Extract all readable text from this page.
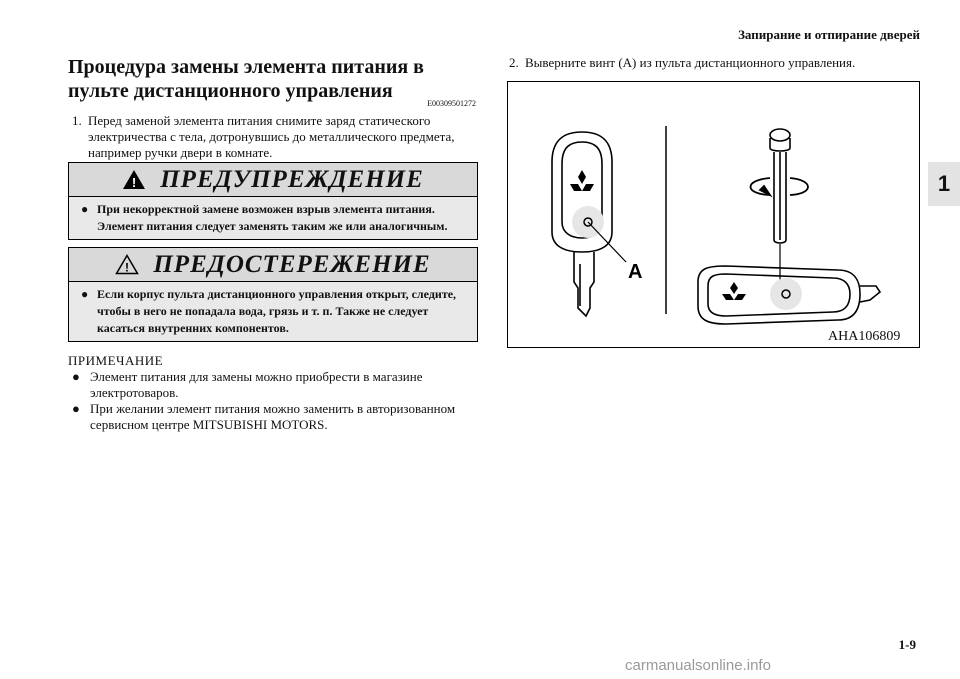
Запирание и отпирание дверей
1
Процедура замены элемента питания в пульте дистанционного управления
E00309501272
1. Перед заменой элемента питания снимите заряд статического электричества с тела, дотронувшись до металлического предмета, например ручки двери в комнате.
! ПРЕДУПРЕЖДЕНИЕ
● При некорректной замене возможен взрыв элемента питания. Элемент питания следует заменять таким же или аналогичным.
! ПРЕДОСТЕРЕЖЕНИЕ
● Если корпус пульта дистанционного управления открыт, следите, чтобы в него не попадала вода, грязь и т. п. Также не следует касаться внутренних компонентов.
ПРИМЕЧАНИЕ
● Элемент питания для замены можно приобрести в магазине электротоваров.
● При желании элемент питания можно заменить в авторизованном сервисном центре MITSUBISHI MOTORS.
2. Выверните винт (A) из пульта дистанционного управления.
A
AHA106809
1-9
carmanualsonline.info
